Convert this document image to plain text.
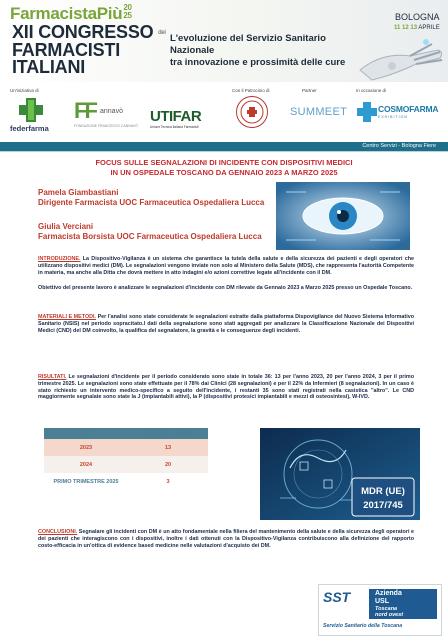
FarmacistaPiù20
25
XII CONGRESSO dei
FARMACISTI
ITALIANI
L'evoluzione del Servizio Sanitario Nazionale
tra innovazione e prossimità delle cure
BOLOGNA
11 12 13 APRILE
Un'iniziativa di
federfarma
FF annavò
FONDAZIONE FRANCESCO CANNAVÒ
UTIFAR
Unione Tecnica Italiana Farmacisti
Con il Patrocinio di	Partner
SUMMEET
In occasione di
COSMOFARMA
EXHIBITION
Centro Servizi - Bologna Fiere
FOCUS SULLE SEGNALAZIONI DI INCIDENTE CON DISPOSITIVI MEDICI
IN UN OSPEDALE TOSCANO DA GENNAIO 2023 A MARZO 2025
Pamela Giambastiani
Dirigente Farmacista UOC Farmaceutica Ospedaliera Lucca
Giulia Verciani
Farmacista Borsista UOC Farmaceutica Ospedaliera Lucca
INTRODUZIONE. La Dispositivo-Vigilanza è un sistema che garantisce la tutela della salute e della sicurezza dei pazienti e degli operatori che utilizzano dispositivi medici (DM). Le segnalazioni vengono inviate non solo al Ministero della Salute (MDS), che rappresenta l'autorità Competente in materia, ma anche alla Ditta che dovrà mettere in atto indagini e/o azioni correttive legate all'incidente con il DM.
Obiettivo del presente lavoro è analizzare le segnalazioni d'incidente con DM rilevate da Gennaio 2023 a Marzo 2025 presso un Ospedale Toscano.
MATERIALI E METODI. Per l'analisi sono state considerate le segnalazioni estratte dalla piattaforma Dispovigilance del Nuovo Sistema Informativo Sanitario (NSIS) nel periodo sopracitato.I dati della segnalazione sono stati aggregati per analizzare la Classificazione Nazionale dei Dispositivi Medici (CND) del DM coinvolto, la qualifica del segnalatore, la gravità e le conseguenze degli incidenti.
RISULTATI. Le segnalazioni d'incidente per il periodo considerato sono state in totale 36: 13 per l'anno 2023, 20 per l'anno 2024, 3 per il primo trimestre 2025. Le segnalazioni sono state effettuate per il 78% dai Clinici (28 segnalazioni) e per il 22% da Infermieri (8 segnalazioni). In un caso è stato richiesto un intervento medico-specifico a seguito dell'incidente, i restanti 35 sono stati registrati nella casistica "altro". Le CND maggiormente segnalate sono state la J (impiantabili attivi), la P (dispositivi protesici impiantabili e mezzi di osteosintesi), W-IVD.
ANNO	N. SEGNALAZIONI
2023	13
2024	20
PRIMO TRIMESTRE 2025	3
MDR (UE)
2017/745
CONCLUSIONI. Segnalare gli incidenti con DM è un atto fondamentale nella filiera del mantenimento della salute e della sicurezza degli operatori e dei pazienti che interagiscono con i dispositivi, inoltre i dati ottenuti con la Dispositivo-Vigilanza contribuiscono alla definizione del rapporto costo-efficacia in un'ottica di evidence based medicine nelle valutazioni d'acquisto dei DM.
SST	Azienda
USL
Toscana
nord ovest
Servizio Sanitario della Toscana
